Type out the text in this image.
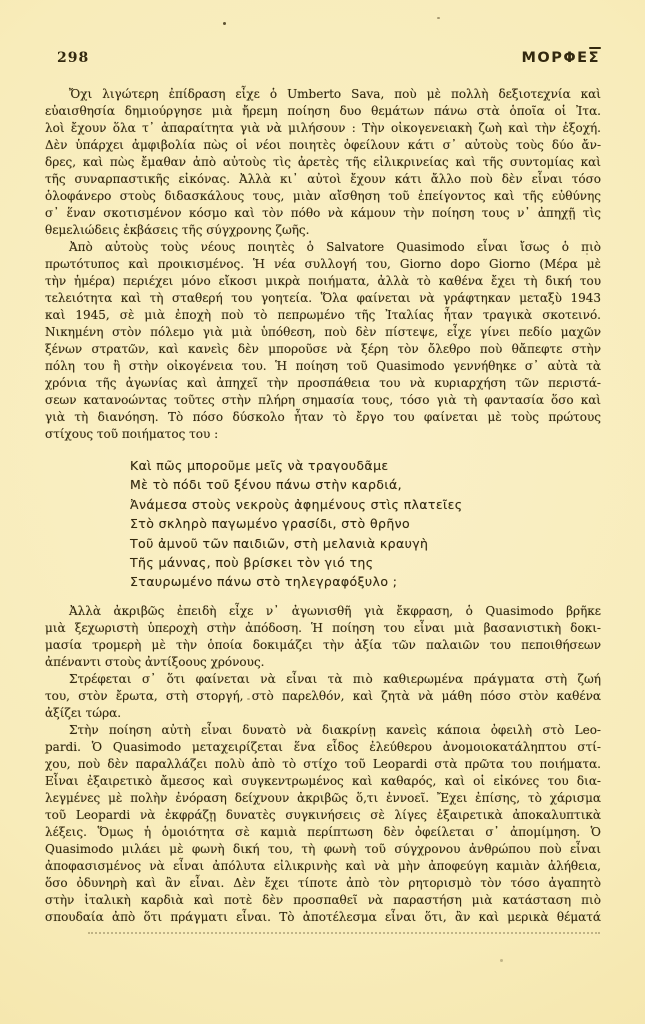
298	ΜΟΡΦΕΣ
Ὄχι λιγώτερη ἐπίδραση εἶχε ὁ Umberto Sava, ποὺ μὲ πολλὴ δεξιοτεχνία καὶ
εὐαισθησία δημιούργησε μιὰ ἤρεμη ποίηση δυο θεμάτων πάνω στὰ ὁποῖα οἱ Ἰτα.
λοὶ ἔχουν ὅλα τ᾽ ἀπαραίτητα γιὰ νὰ μιλήσουν : Τὴν οἰκογενειακὴ ζωὴ καὶ τὴν ἐξοχή.
Δὲν ὑπάρχει ἀμφιβολία πὼς οἱ νέοι ποιητὲς ὀφείλουν κάτι σ᾽ αὐτοὺς τοὺς δύο ἄν-
δρες, καὶ πὼς ἔμαθαν ἀπὸ αὐτοὺς τὶς ἀρετὲς τῆς εἰλικρινείας καὶ τῆς συντομίας καὶ
τῆς συναρπαστικῆς εἰκόνας. Ἀλλὰ κι᾽ αὐτοὶ ἔχουν κάτι ἄλλο ποὺ δὲν εἶναι τόσο
ὁλοφάνερο στοὺς διδασκάλους τους, μιὰν αἴσθηση τοῦ ἐπείγοντος καὶ τῆς εὐθύνης
σ᾽ ἕναν σκοτισμένον κόσμο καὶ τὸν πόθο νὰ κάμουν τὴν ποίηση τους ν᾽ ἀπηχῇ τὶς
θεμελιώδεις ἐκβάσεις τῆς σύγχρονης ζωῆς.
Ἀπὸ αὐτοὺς τοὺς νέους ποιητὲς ὁ Salvatore Quasimodo εἶναι ἴσως ὁ πιὸ
πρωτότυπος καὶ προικισμένος. Ἡ νέα συλλογή του, Giorno dopo Giorno (Μέρα μὲ
τὴν ἡμέρα) περιέχει μόνο εἴκοσι μικρὰ ποιήματα, ἀλλὰ τὸ καθένα ἔχει τὴ δική του
τελειότητα καὶ τὴ σταθερή του γοητεία. Ὅλα φαίνεται νὰ γράφτηκαν μεταξὺ 1943
καὶ 1945, σὲ μιὰ ἐποχὴ ποὺ τὸ πεπρωμένο τῆς Ἰταλίας ἦταν τραγικὰ σκοτεινό.
Νικημένη στὸν πόλεμο γιὰ μιὰ ὑπόθεση, ποὺ δὲν πίστεψε, εἶχε γίνει πεδίο μαχῶν
ξένων στρατῶν, καὶ κανεὶς δὲν μποροῦσε νὰ ξέρη τὸν ὄλεθρο ποὺ θἄπεφτε στὴν
πόλη του ἢ στὴν οἰκογένεια του. Ἡ ποίηση τοῦ Quasimodo γεννήθηκε σ᾽ αὐτὰ τὰ
χρόνια τῆς ἀγωνίας καὶ ἀπηχεῖ τὴν προσπάθεια του νὰ κυριαρχήση τῶν περιστά-
σεων κατανοώντας τοῦτες στὴν πλήρη σημασία τους, τόσο γιὰ τὴ φαντασία ὅσο καὶ
γιὰ τὴ διανόηση. Τὸ πόσο δύσκολο ἦταν τὸ ἔργο του φαίνεται μὲ τοὺς πρώτους
στίχους τοῦ ποιήματος του :
Καὶ πῶς μποροῦμε μεῖς νὰ τραγουδᾶμε
Μὲ τὸ πόδι τοῦ ξένου πάνω στὴν καρδιά,
Ἀνάμεσα στοὺς νεκροὺς ἀφημένους στὶς πλατεῖες
Στὸ σκληρὸ παγωμένο γρασίδι, στὸ θρῆνο
Τοῦ ἀμνοῦ τῶν παιδιῶν, στὴ μελανιὰ κραυγὴ
Τῆς μάννας, ποὺ βρίσκει τὸν γιό της
Σταυρωμένο πάνω στὸ τηλεγραφόξυλο ;
Ἀλλὰ ἀκριβῶς ἐπειδὴ εἶχε ν᾽ ἀγωνισθῆ γιὰ ἔκφραση, ὁ Quasimodo βρῆκε
μιὰ ξεχωριστὴ ὑπεροχὴ στὴν ἀπόδοση. Ἡ ποίηση του εἶναι μιὰ βασανιστικὴ δοκι-
μασία τρομερὴ μὲ τὴν ὁποία δοκιμάζει τὴν ἀξία τῶν παλαιῶν του πεποιθήσεων
ἀπέναντι στοὺς ἀντίξοους χρόνους.
Στρέφεται σ᾽ ὅτι φαίνεται νὰ εἶναι τὰ πιὸ καθιερωμένα πράγματα στὴ ζωή
του, στὸν ἔρωτα, στὴ στοργή, στὸ παρελθόν, καὶ ζητὰ νὰ μάθη πόσο στὸν καθένα
ἀξίζει τώρα.
Στὴν ποίηση αὐτὴ εἶναι δυνατὸ νὰ διακρίνῃ κανεὶς κάποια ὀφειλὴ στὸ Leo-
pardi. Ὁ Quasimodo μεταχειρίζεται ἕνα εἶδος ἐλεύθερου ἀνομοιοκατάληπτου στί-
χου, ποὺ δὲν παραλλάζει πολὺ ἀπὸ τὸ στίχο τοῦ Leopardi στὰ πρῶτα του ποιήματα.
Εἶναι ἐξαιρετικὸ ἄμεσος καὶ συγκεντρωμένος καὶ καθαρός, καὶ οἱ εἰκόνες του δια-
λεγμένες μὲ πολὴν ἐνόραση δείχνουν ἀκριβῶς ὅ,τι ἐννοεῖ. Ἔχει ἐπίσης, τὸ χάρισμα
τοῦ Leopardi νὰ ἐκφράζῃ δυνατὲς συγκινήσεις σὲ λίγες ἐξαιρετικὰ ἀποκαλυπτικὰ
λέξεις. Ὅμως ἡ ὁμοιότητα σὲ καμιὰ περίπτωση δὲν ὀφείλεται σ᾽ ἀπομίμηση. Ὁ
Quasimodo μιλάει μὲ φωνὴ δική του, τὴ φωνὴ τοῦ σύγχρονου ἀνθρώπου ποὺ εἶναι
ἀποφασισμένος νὰ εἶναι ἀπόλυτα εἰλικρινὴς καὶ νὰ μὴν ἀποφεύγη καμιὰν ἀλήθεια,
ὅσο ὀδυνηρὴ καὶ ἂν εἶναι. Δὲν ἔχει τίποτε ἀπὸ τὸν ρητορισμὸ τὸν τόσο ἀγαπητὸ
στὴν ἰταλικὴ καρδιὰ καὶ ποτὲ δὲν προσπαθεῖ νὰ παραστήση μιὰ κατάσταση πιὸ
σπουδαία ἀπὸ ὅτι πράγματι εἶναι. Τὸ ἀποτέλεσμα εἶναι ὅτι, ἂν καὶ μερικὰ θέματά
